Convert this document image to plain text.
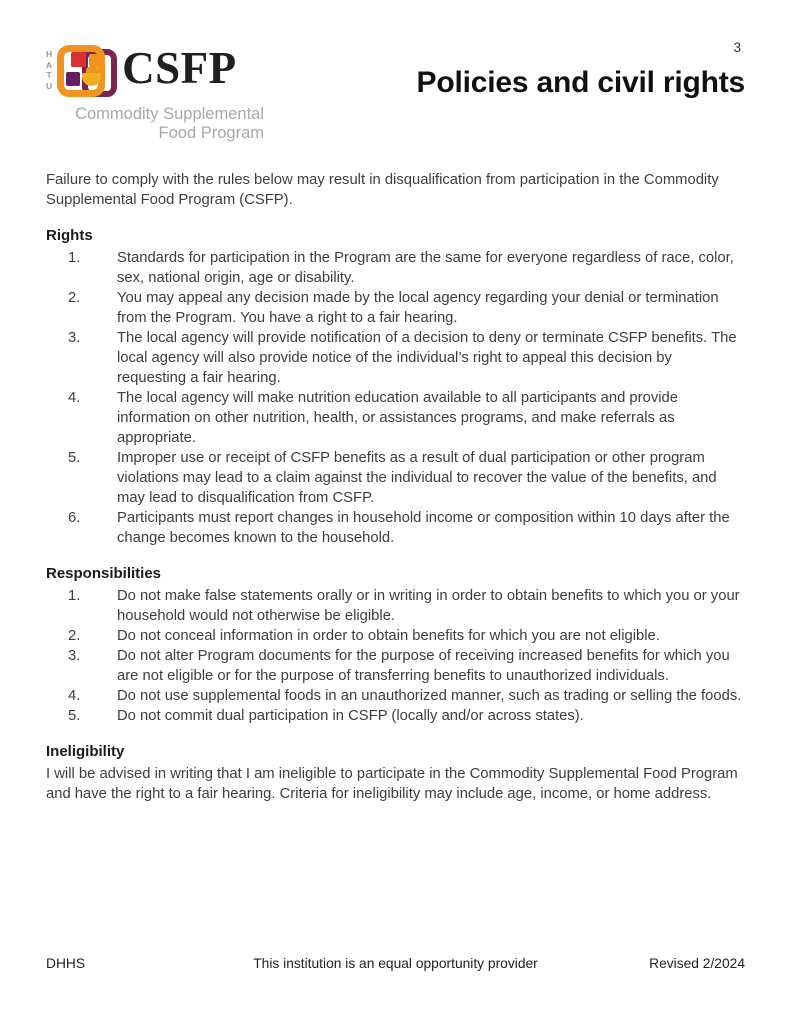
3
U
T
A
H CSFP
Commodity Supplemental
Food Program
Policies and civil rights

Failure to comply with the rules below may result in disqualification from participation in the Commodity Supplemental Food Program (CSFP).

Rights
1.	Standards for participation in the Program are the same for everyone regardless of race, color, sex, national origin, age or disability.
2.	You may appeal any decision made by the local agency regarding your denial or termination from the Program. You have a right to a fair hearing.
3.	The local agency will provide notification of a decision to deny or terminate CSFP benefits. The local agency will also provide notice of the individual’s right to appeal this decision by requesting a fair hearing.
4.	The local agency will make nutrition education available to all participants and provide information on other nutrition, health, or assistances programs, and make referrals as appropriate.
5.	Improper use or receipt of CSFP benefits as a result of dual participation or other program violations may lead to a claim against the individual to recover the value of the benefits, and may lead to disqualification from CSFP.
6.	Participants must report changes in household income or composition within 10 days after the change becomes known to the household.
Responsibilities
1.	Do not make false statements orally or in writing in order to obtain benefits to which you or your household would not otherwise be eligible.
2.	Do not conceal information in order to obtain benefits for which you are not eligible.
3.	Do not alter Program documents for the purpose of receiving increased benefits for which you are not eligible or for the purpose of transferring benefits to unauthorized individuals.
4.	Do not use supplemental foods in an unauthorized manner, such as trading or selling the foods.
5.	Do not commit dual participation in CSFP (locally and/or across states).
Ineligibility
I will be advised in writing that I am ineligible to participate in the Commodity Supplemental Food Program and have the right to a fair hearing. Criteria for ineligibility may include age, income, or home address.
DHHS	This institution is an equal opportunity provider	Revised 2/2024
